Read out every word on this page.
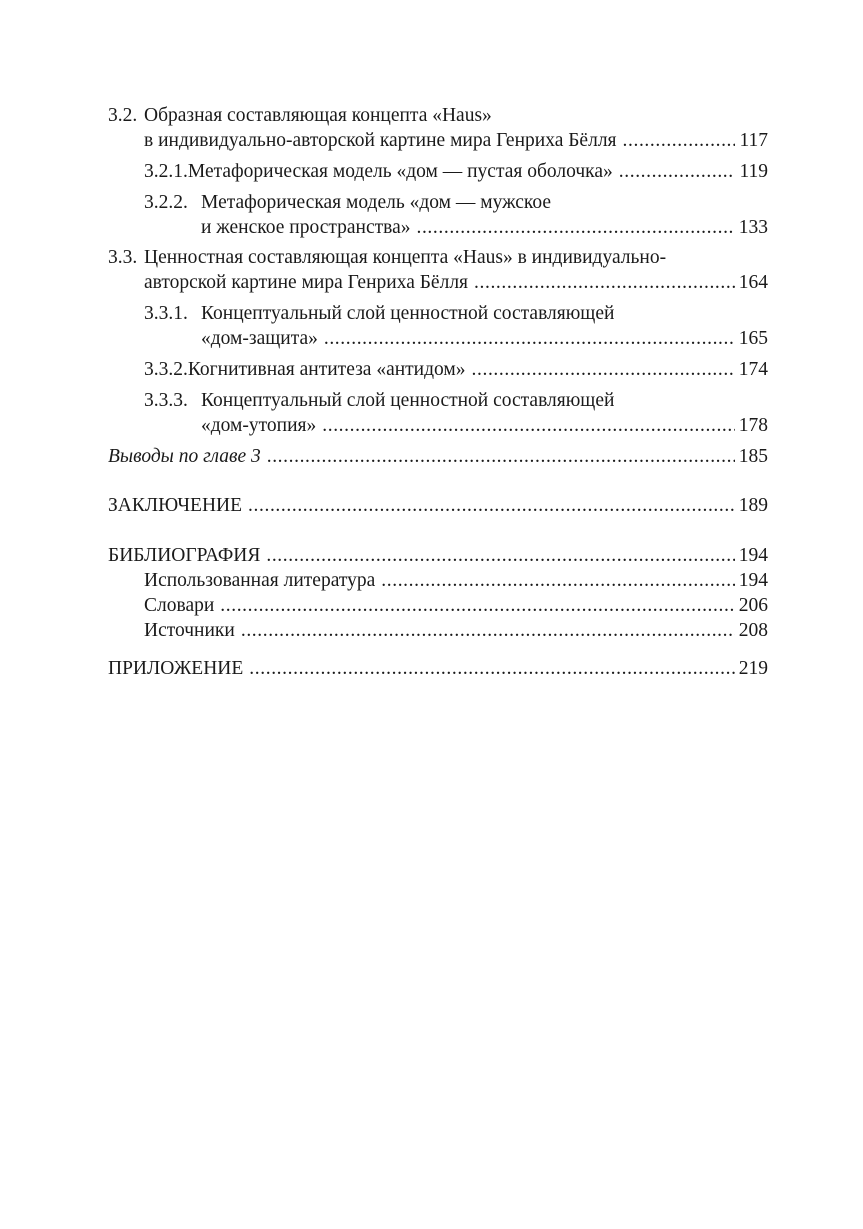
3.2. Образная составляющая концепта «Haus»
в индивидуально-авторской картине мира Генриха Бёлля .....	117
3.2.1. Метафорическая модель «дом — пустая оболочка» .....	119
3.2.2. Метафорическая модель «дом — мужское
и женское пространства» .....	133
3.3. Ценностная составляющая концепта «Haus» в индивидуально-
авторской картине мира Генриха Бёлля .....	164
3.3.1. Концептуальный слой ценностной составляющей
«дом-защита» .....	165
3.3.2. Когнитивная антитеза «антидом» .....	174
3.3.3. Концептуальный слой ценностной составляющей
«дом-утопия» .....	178
Выводы по главе 3 .....	185
ЗАКЛЮЧЕНИЕ .....	189
БИБЛИОГРАФИЯ .....	194
Использованная литература .....	194
Словари .....	206
Источники .....	208
ПРИЛОЖЕНИЕ .....	219
